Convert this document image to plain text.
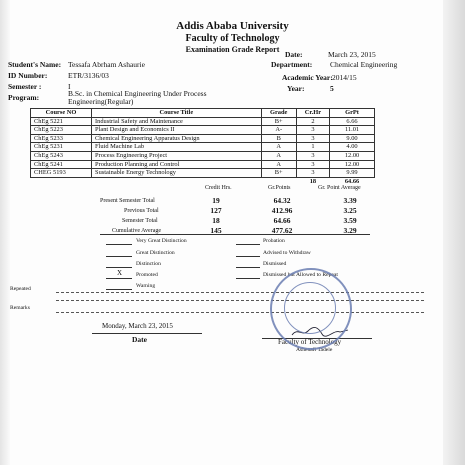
Addis Ababa University
Faculty of Technology
Examination Grade Report
Date:	March 23, 2015
Student's Name: Tessafa Abrham Ashaurie	Department: Chemical Engineering
ID Number:	ETR/3136/03	Academic Year: 2014/15
Semester :	I	Year:	5
Program:	B.Sc. in Chemical Engineering Under Process
Engineering(Regular)
Course NO	Course Title	Grade	Cr.Hr	GrPt
ChEg 5221	Industrial Safety and Maintenance	B+	2	6.66
ChEg 5223	Plant Design and Economics II	A-	3	11.01
ChEg 5233	Chemical Engineering Apparatus Design	B	3	9.00
ChEg 5231	Fluid Machine Lab	A	1	4.00
ChEg 5243	Process Engineering Project	A	3	12.00
ChEg 5241	Production Planning and Control	A	3	12.00
CHEG 5193	Sustainable Energy Technology	B+	3	9.99
			18	64.66
Credit Hrs.	Gr.Points	Gr. Point Average
Present Semester Total	19	64.32	3.39
Previous Total	127	412.96	3.25
Semester Total	18	64.66	3.59
Cumulative Average	145	477.62	3.29
Very Great Distinction
Great Distinction
Distinction
X Promoted
Warning
Probation
Advised to Withdraw
Dismissed
Dismissed but Allowed to Repeat
Repeated
Remarks
Monday, March 23, 2015
Date	Faculty of Technology
Ashenafi Tadele
